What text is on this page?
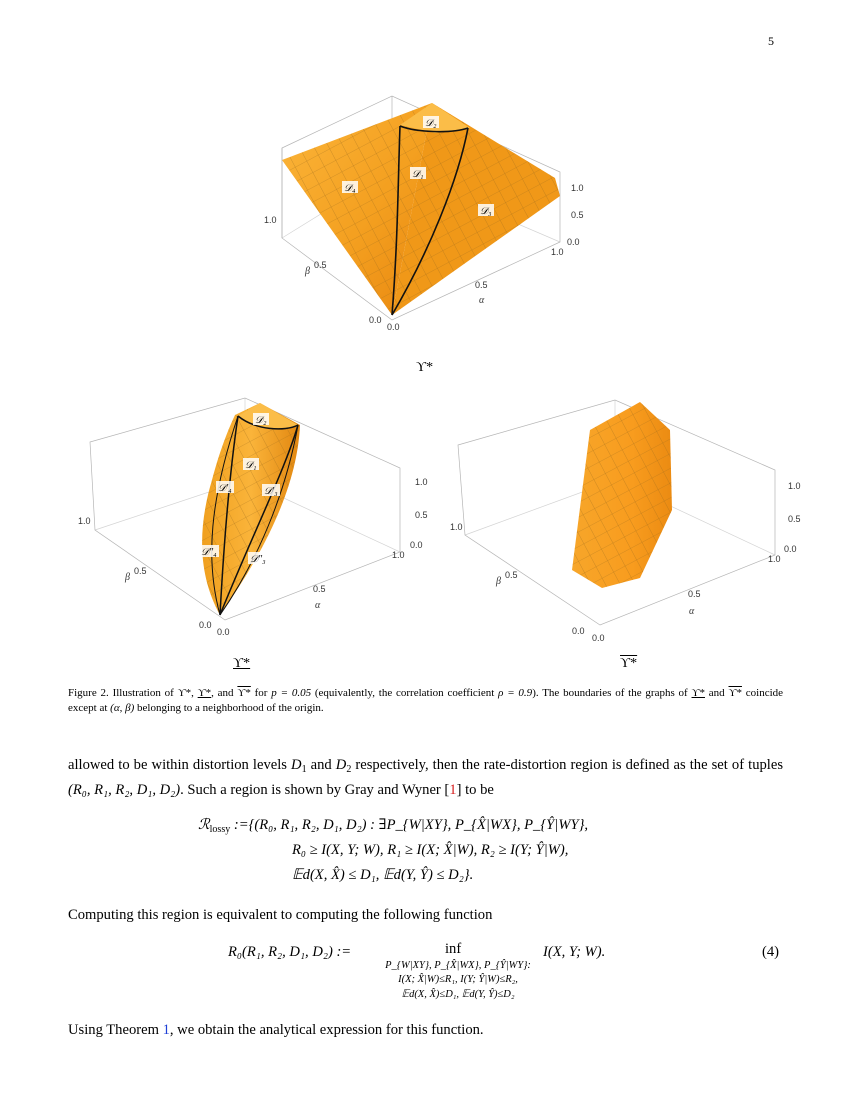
5
𝒟₂
𝒟₁
𝒟₄
𝒟₃
1.0
0.5
0.0
1.0
0.5
0.0
0.0
0.5
1.0
β
α
𝒟₂
𝒟₁
𝒟′₄	𝒟′₃
𝒟″₄
𝒟″₃
1.0
0.5
0.0
1.0
0.5
0.0
0.0
0.5
1.0
β
α
1.0
0.5
0.0
1.0
0.5
0.0
0.0
0.5
1.0
β
α
ϒ*
ϒ*	ϒ*
Figure 2. Illustration of ϒ*, ϒ*, and ϒ* for p = 0.05 (equivalently, the correlation coefficient ρ = 0.9). The boundaries of the graphs of ϒ* and ϒ* coincide except at (α, β) belonging to a neighborhood of the origin.
allowed to be within distortion levels $D_1$ and $D_2$ respectively, then the rate-distortion region is defined as the set of tuples (R₀, R₁, R₂, D₁, D₂). Such a region is shown by Gray and Wyner [1] to be
ℛ$_{lossy}$ :={(R₀, R₁, R₂, D₁, D₂) : ∃P_{W|XY}, P_{X̂|WX}, P_{Ŷ|WY},
R₀ ≥ I(X, Y; W), R₁ ≥ I(X; X̂|W), R₂ ≥ I(Y; Ŷ|W),
𝔼d(X, X̂) ≤ D₁, 𝔼d(Y, Ŷ) ≤ D₂}.
Computing this region is equivalent to computing the following function
R₀(R₁, R₂, D₁, D₂) :=	inf
P_{W|XY}, P_{X̂|WX}, P_{Ŷ|WY}:
I(X; X̂|W)≤R₁, I(Y; Ŷ|W)≤R₂,
𝔼d(X, X̂)≤D₁, 𝔼d(Y, Ŷ)≤D₂
I(X, Y; W).	(4)
Using Theorem 1, we obtain the analytical expression for this function.
